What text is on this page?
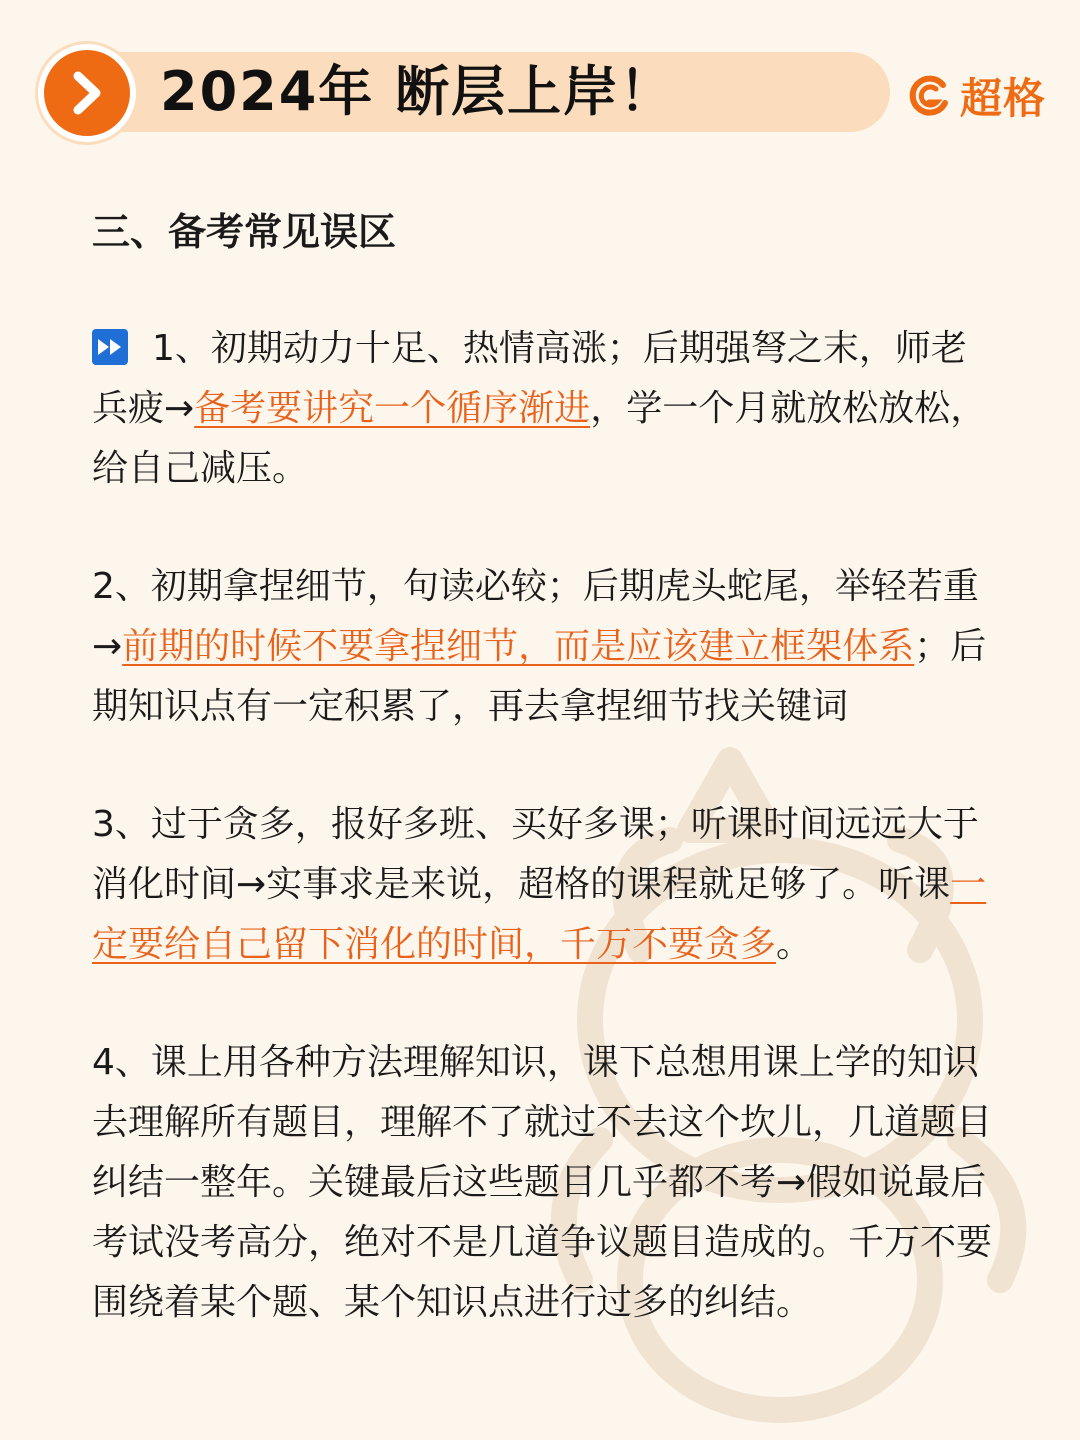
2024年 断层上岸！	超格
三、备考常见误区

1、初期动力十足、热情高涨；后期强弩之末，师老兵疲→备考要讲究一个循序渐进，学一个月就放松放松，给自己减压。

2、初期拿捏细节，句读必较；后期虎头蛇尾，举轻若重→前期的时候不要拿捏细节，而是应该建立框架体系；后期知识点有一定积累了，再去拿捏细节找关键词

3、过于贪多，报好多班、买好多课；听课时间远远大于消化时间→实事求是来说，超格的课程就足够了。听课一定要给自己留下消化的时间，千万不要贪多。

4、课上用各种方法理解知识，课下总想用课上学的知识去理解所有题目，理解不了就过不去这个坎儿，几道题目纠结一整年。关键最后这些题目几乎都不考→假如说最后考试没考高分，绝对不是几道争议题目造成的。千万不要围绕着某个题、某个知识点进行过多的纠结。
